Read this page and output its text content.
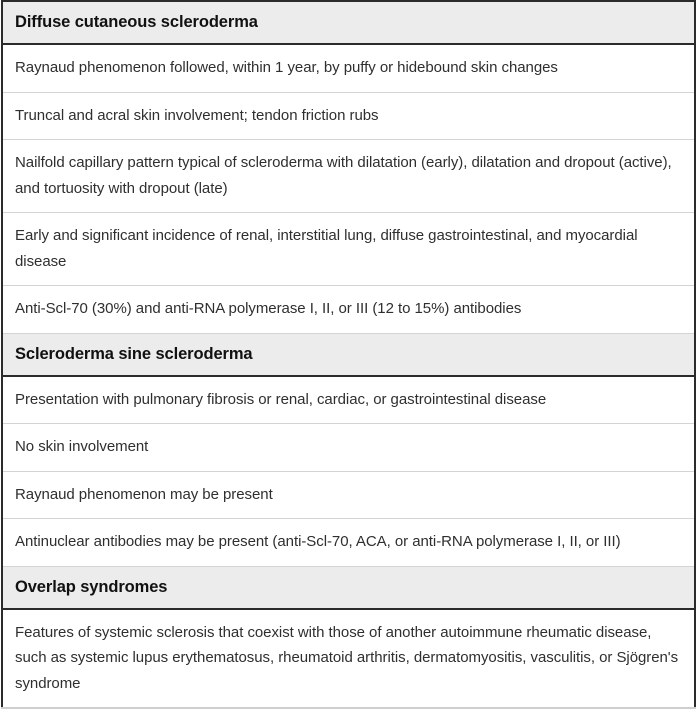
Diffuse cutaneous scleroderma
Raynaud phenomenon followed, within 1 year, by puffy or hidebound skin changes
Truncal and acral skin involvement; tendon friction rubs
Nailfold capillary pattern typical of scleroderma with dilatation (early), dilatation and dropout (active), and tortuosity with dropout (late)
Early and significant incidence of renal, interstitial lung, diffuse gastrointestinal, and myocardial disease
Anti-Scl-70 (30%) and anti-RNA polymerase I, II, or III (12 to 15%) antibodies
Scleroderma sine scleroderma
Presentation with pulmonary fibrosis or renal, cardiac, or gastrointestinal disease
No skin involvement
Raynaud phenomenon may be present
Antinuclear antibodies may be present (anti-Scl-70, ACA, or anti-RNA polymerase I, II, or III)
Overlap syndromes
Features of systemic sclerosis that coexist with those of another autoimmune rheumatic disease, such as systemic lupus erythematosus, rheumatoid arthritis, dermatomyositis, vasculitis, or Sjögren's syndrome
